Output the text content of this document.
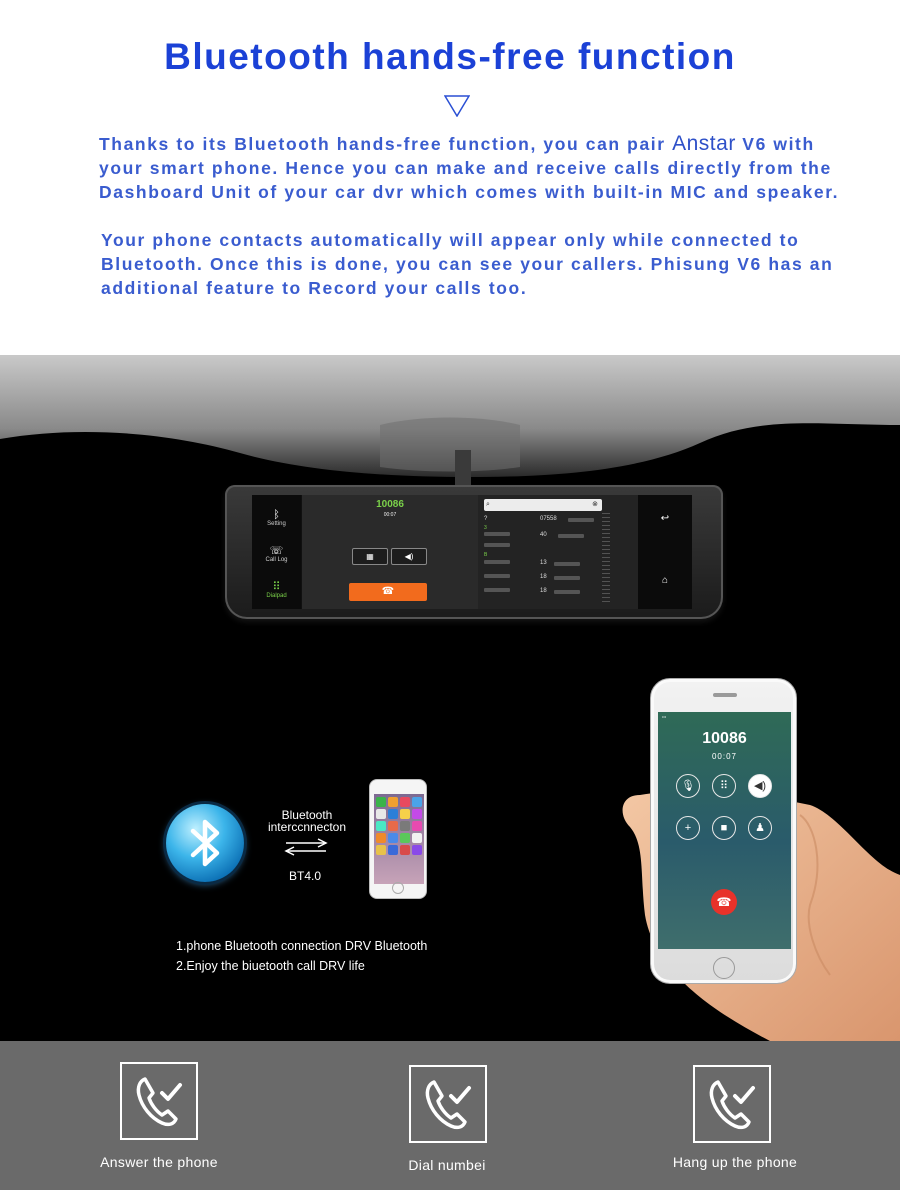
Bluetooth hands-free function

Thanks to its Bluetooth hands-free function, you can pair Anstar V6 with your smart phone. Hence you can make and receive calls directly from the Dashboard Unit of your car dvr which comes with built-in MIC and speaker.

Your phone contacts automatically will appear only while connected to Bluetooth. Once this is done, you can see your callers. Phisung V6 has an additional feature to Record your calls too.

ᛒ
Setting
☏
Call Log
⠿
Dialpad
10086
00:07
▦	◀)
☎
⌕	⊗
?	07558
3
40
B
13
18
18
↩
⌂
Bluetooth
interccnnecton
BT4.0
1.phone Bluetooth connection DRV Bluetooth
2.Enjoy the biuetooth call DRV life
•••
10086
00:07
🎙	⠿	◀)
+	■	♟
☎
Answer the phone	Dial numbei	Hang up the phone
